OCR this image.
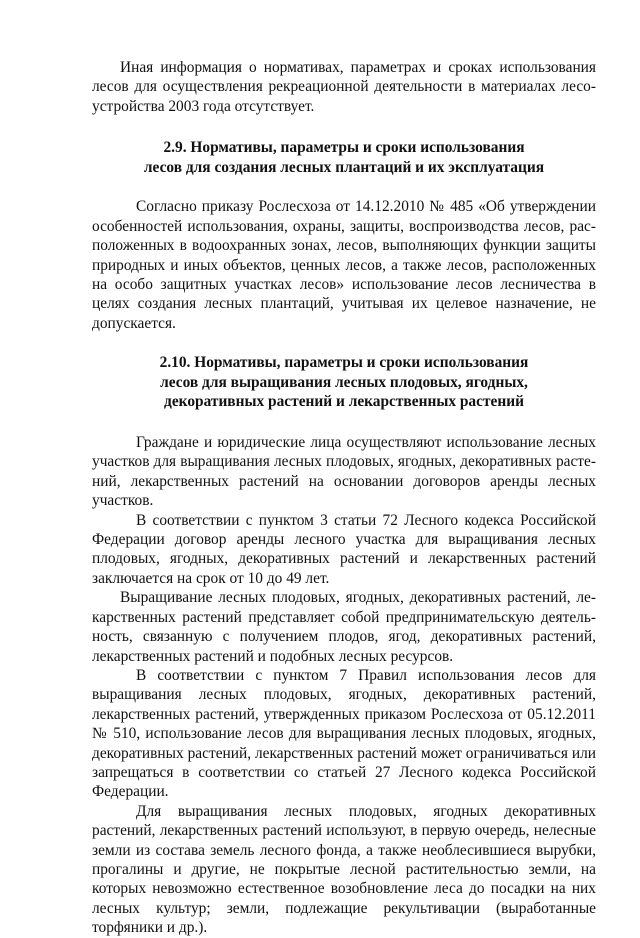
Иная информация о нормативах, параметрах и сроках использования лесов для осуществления рекреационной деятельности в материалах лесоустройства 2003 года отсутствует.

2.9. Нормативы, параметры и сроки использования
лесов для создания лесных плантаций и их эксплуатация

Согласно приказу Рослесхоза от 14.12.2010 № 485 «Об утверждении особенностей использования, охраны, защиты, воспроизводства лесов, расположенных в водоохранных зонах, лесов, выполняющих функции защиты природных и иных объектов, ценных лесов, а также лесов, расположенных на особо защитных участках лесов» использование лесов лесничества в целях создания лесных плантаций, учитывая их целевое назначение, не допускается.

2.10. Нормативы, параметры и сроки использования
лесов для выращивания лесных плодовых, ягодных,
декоративных растений и лекарственных растений

Граждане и юридические лица осуществляют использование лесных участков для выращивания лесных плодовых, ягодных, декоративных растений, лекарственных растений на основании договоров аренды лесных участков.

В соответствии с пунктом 3 статьи 72 Лесного кодекса Российской Федерации договор аренды лесного участка для выращивания лесных плодовых, ягодных, декоративных растений и лекарственных растений заключается на срок от 10 до 49 лет.

Выращивание лесных плодовых, ягодных, декоративных растений, лекарственных растений представляет собой предпринимательскую деятельность, связанную с получением плодов, ягод, декоративных растений, лекарственных растений и подобных лесных ресурсов.

В соответствии с пунктом 7 Правил использования лесов для выращивания лесных плодовых, ягодных, декоративных растений, лекарственных растений, утвержденных приказом Рослесхоза от 05.12.2011 № 510, использование лесов для выращивания лесных плодовых, ягодных, декоративных растений, лекарственных растений может ограничиваться или запрещаться в соответствии со статьей 27 Лесного кодекса Российской Федерации.

Для выращивания лесных плодовых, ягодных декоративных растений, лекарственных растений используют, в первую очередь, нелесные земли из состава земель лесного фонда, а также необлесившиеся вырубки, прогалины и другие, не покрытые лесной растительностью земли, на которых невозможно естественное возобновление леса до посадки на них лесных культур; земли, подлежащие рекультивации (выработанные торфяники и др.).
